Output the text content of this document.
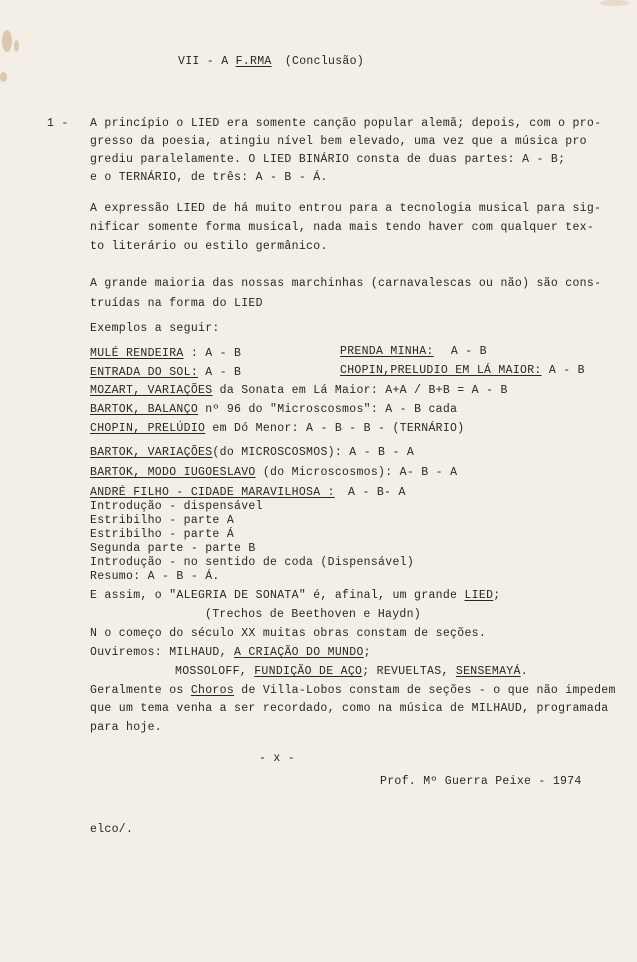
VII - A F.RMA (Conclusão)
1 - A princípio o LIED era somente canção popular alemã; depois, com o pro-
gresso da poesia, atingiu nível bem elevado, uma vez que a música pro
grediu paralelamente. O LIED BINÁRIO consta de duas partes: A - B;
e o TERNÁRIO, de três: A - B - Á.
A expressão LIED de há muito entrou para a tecnologia musical para sig-
nificar somente forma musical, nada mais tendo haver com qualquer tex-
to literário ou estilo germânico.
A grande maioria das nossas marchinhas (carnavalescas ou não) são cons-
truídas na forma do LIED
Exemplos a seguir:
MULÉ RENDEIRA : A - B	PRENDA MINHA: A - B
ENTRADA DO SOL: A - B	CHOPIN,PRELUDIO EM LÁ MAIOR: A - B
MOZART, VARIAÇÕES da Sonata em Lá Maior: A+A / B+B = A - B
BARTOK, BALANÇO nº 96 do "Microscosmos": A - B cada
CHOPIN, PRELÚDIO em Dó Menor: A - B - B - (TERNÁRIO)
BARTOK, VARIAÇÕES(do MICROSCOSMOS): A - B - A
BARTOK, MODO IUGOESLAVO (do Microscosmos): A- B - A
ANDRÉ FILHO - CIDADE MARAVILHOSA : A - B- A
Introdução - dispensável
Estribilho - parte A
Estribilho - parte Á
Segunda parte - parte B
Introdução - no sentido de coda (Dispensável)
Resumo: A - B - Á.
E assim, o "ALEGRIA DE SONATA" é, afinal, um grande LIED;
(Trechos de Beethoven e Haydn)
N o começo do século XX muitas obras constam de seções.
Ouviremos: MILHAUD, A CRIAÇÃO DO MUNDO;
MOSSOLOFF, FUNDIÇÃO DE AÇO; REVUELTAS, SENSEMAYÁ.
Geralmente os Choros de Villa-Lobos constam de seções - o que não impedem
que um tema venha a ser recordado, como na música de MILHAUD, programada
para hoje.
- x -
Prof. Mº Guerra Peixe - 1974
elco/.
